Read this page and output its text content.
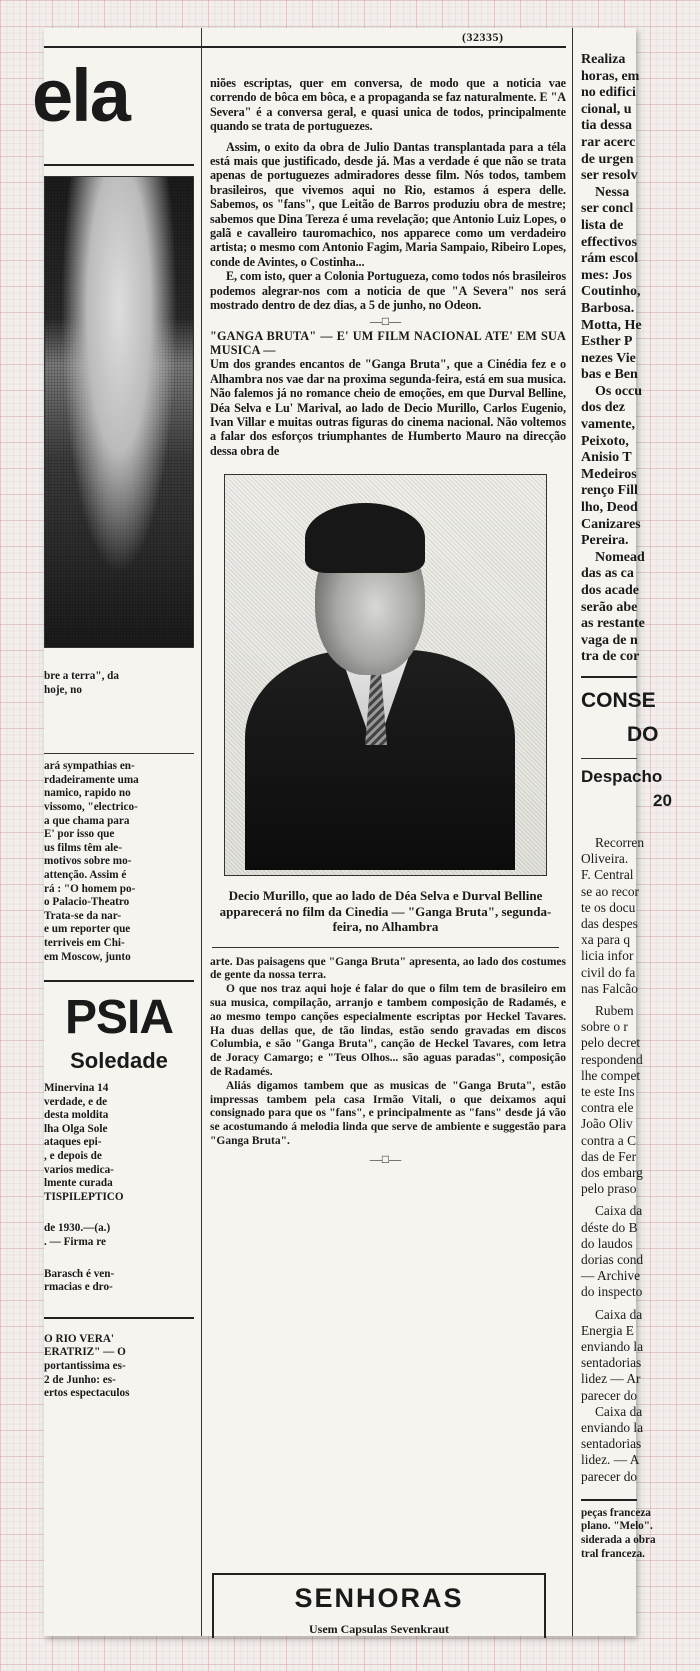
(32335)
ela
bre a terra", da
hoje, no
ará sympathias en-
rdadeiramente uma
namico, rapido no
vissomo, "electrico-
a que chama para
E' por isso que
us films têm ale-
motivos sobre mo-
attenção. Assim é
rá : "O homem po-
o Palacio-Theatro
Trata-se da nar-
e um reporter que
terriveis em Chi-
em Moscow, junto
PSIA
Soledade
Minervina 14
verdade, e de
desta moldita
lha Olga Sole
ataques epi-
, e depois de
varios medica-
lmente curada
TISPILEPTICO
de 1930.—(a.)
. — Firma re
Barasch é ven-
rmacias e dro-
O RIO VERA'
ERATRIZ" — O
portantissima es-
2 de Junho: es-
ertos espectaculos

niões escriptas, quer em conversa, de modo que a noticia vae correndo de bôca em bôca, e a propaganda se faz naturalmente. E "A Severa" é a conversa geral, e quasi unica de todos, principalmente quando se trata de portuguezes.

Assim, o exito da obra de Julio Dantas transplantada para a téla está mais que justificado, desde já. Mas a verdade é que não se trata apenas de portuguezes admiradores desse film. Nós todos, tambem brasileiros, que vivemos aqui no Rio, estamos á espera delle. Sabemos, os "fans", que Leitão de Barros produziu obra de mestre; sabemos que Dina Tereza é uma revelação; que Antonio Luiz Lopes, o galã e cavalleiro tauromachico, nos apparece como um verdadeiro artista; o mesmo com Antonio Fagim, Maria Sampaio, Ribeiro Lopes, conde de Avintes, o Costinha...

E, com isto, quer a Colonia Portugueza, como todos nós brasileiros podemos alegrar-nos com a noticia de que "A Severa" nos será mostrado dentro de dez dias, a 5 de junho, no Odeon.

—□—

"GANGA BRUTA" — E' UM FILM NACIONAL ATE' EM SUA MUSICA —

Um dos grandes encantos de "Ganga Bruta", que a Cinédia fez e o Alhambra nos vae dar na proxima segunda-feira, está em sua musica. Não falemos já no romance cheio de emoções, em que Durval Belline, Déa Selva e Lu' Marival, ao lado de Decio Murillo, Carlos Eugenio, Ivan Villar e muitas outras figuras do cinema nacional. Não voltemos a falar dos esforços triumphantes de Humberto Mauro na direcção dessa obra de

Decio Murillo, que ao lado de Déa Selva e Durval Belline apparecerá no film da Cinedia — "Ganga Bruta", segunda-feira, no Alhambra

arte. Das paisagens que "Ganga Bruta" apresenta, ao lado dos costumes de gente da nossa terra.

O que nos traz aqui hoje é falar do que o film tem de brasileiro em sua musica, compilação, arranjo e tambem composição de Radamés, e ao mesmo tempo canções especialmente escriptas por Heckel Tavares. Ha duas dellas que, de tão lindas, estão sendo gravadas em discos Columbia, e são "Ganga Bruta", canção de Heckel Tavares, com letra de Joracy Camargo; e "Teus Olhos... são aguas paradas", composição de Radamés.

Aliás digamos tambem que as musicas de "Ganga Bruta", estão impressas tambem pela casa Irmão Vitali, o que deixamos aqui consignado para que os "fans", e principalmente as "fans" desde já vão se acostumando á melodia linda que serve de ambiente e suggestão para "Ganga Bruta".

—□—
SENHORAS
Usem Capsulas Sevenkraut
Realiza
horas, em
no edifici
cional, u
tia dessa
rar acerc
de urgen
ser resolv
Nessa
ser concl
lista de
effectivos
rám escol
mes: Jos
Coutinho,
Barbosa.
Motta, He
Esther P
nezes Vie
bas e Ben
Os occu
dos dez
vamente,
Peixoto,
Anisio T
Medeiros
renço Fill
lho, Deod
Canizares
Pereira.
Nomead
das as ca
dos acade
serão abe
as restante
vaga de n
tra de cor
CONSE
DO
Despacho
20
Recorren
Oliveira.
F. Central
se ao recor
te os docu
das despes
xa para q
licia infor
civil do fa
nas Falcão
Rubem
sobre o r
pelo decret
respondend
lhe compet
te este Ins
contra ele
João Oliv
contra a C
das de Fer
dos embarg
pelo praso
Caixa da
déste do B
do laudos
dorias cond
— Archive
do inspecto
Caixa da
Energia E
enviando la
sentadorias
lidez — Ar
parecer do
Caixa da
enviando la
sentadorias
lidez. — A
parecer do
peças franceza
plano. "Melo".
siderada a obra
tral franceza.
